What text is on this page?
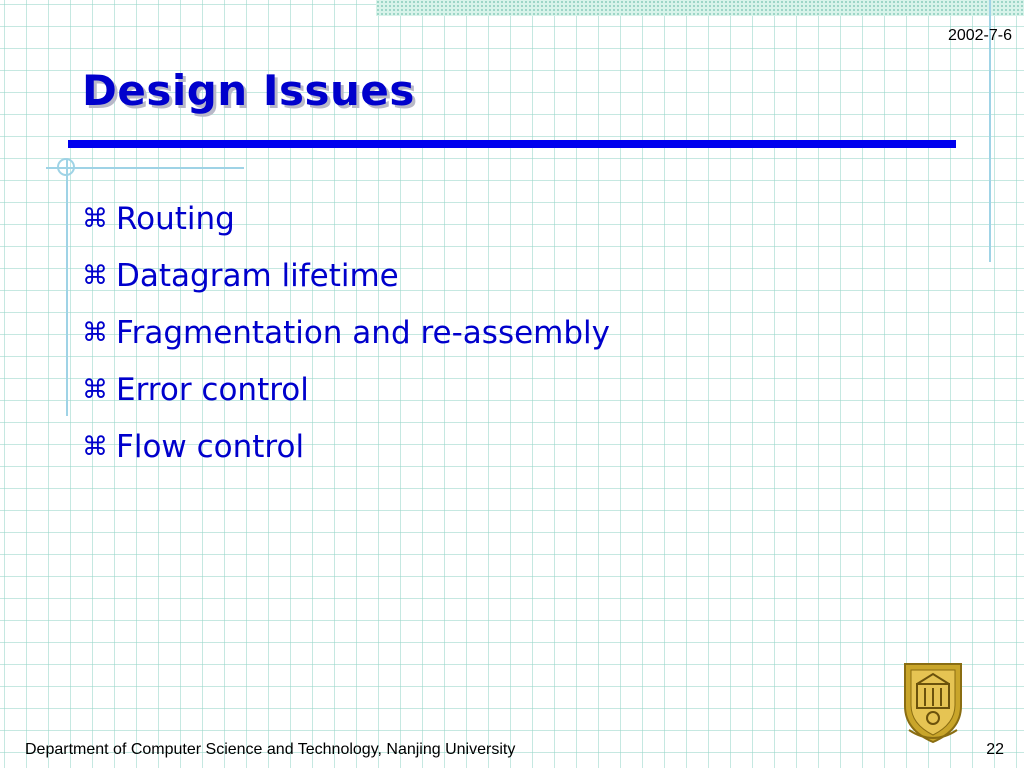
2002-7-6
Design Issues
⌘ Routing
⌘ Datagram lifetime
⌘ Fragmentation and re-assembly
⌘ Error control
⌘ Flow control
Department of Computer Science and Technology, Nanjing University	22
